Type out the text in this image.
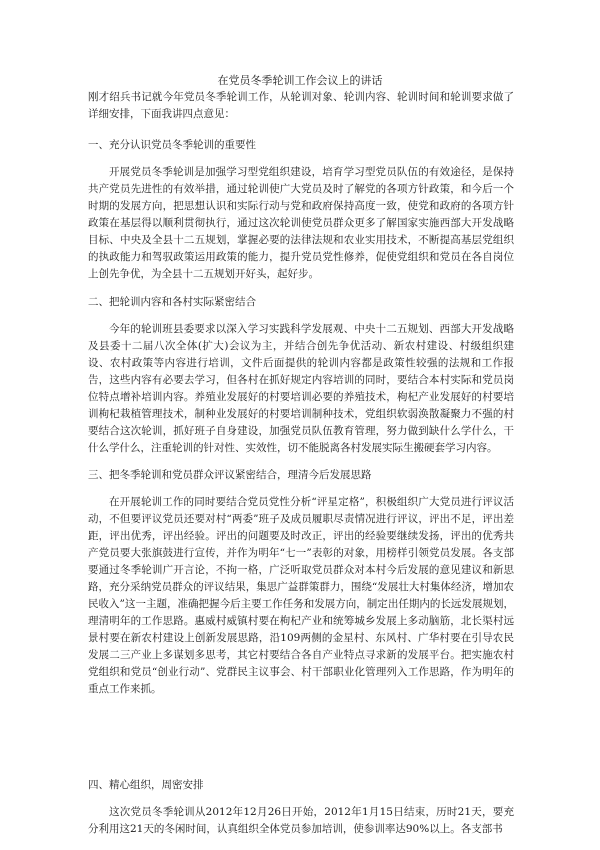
在党员冬季轮训工作会议上的讲话

刚才绍兵书记就今年党员冬季轮训工作，从轮训对象、轮训内容、轮训时间和轮训要求做了详细安排，下面我讲四点意见：

一、充分认识党员冬季轮训的重要性

开展党员冬季轮训是加强学习型党组织建设，培育学习型党员队伍的有效途径，是保持共产党员先进性的有效举措，通过轮训使广大党员及时了解党的各项方针政策，和今后一个时期的发展方向，把思想认识和实际行动与党和政府保持高度一致，使党和政府的各项方针政策在基层得以顺利贯彻执行，通过这次轮训使党员群众更多了解国家实施西部大开发战略目标、中央及全县十二五规划，掌握必要的法律法规和农业实用技术，不断提高基层党组织的执政能力和驾驭政策运用政策的能力，提升党员党性修养，促使党组织和党员在各自岗位上创先争优，为全县十二五规划开好头，起好步。

二、把轮训内容和各村实际紧密结合

今年的轮训班县委要求以深入学习实践科学发展观、中央十二五规划、西部大开发战略及县委十二届八次全体(扩大)会议为主，并结合创先争优活动、新农村建设、村级组织建设、农村政策等内容进行培训，文件后面提供的轮训内容都是政策性较强的法规和工作报告，这些内容有必要去学习，但各村在抓好规定内容培训的同时，要结合本村实际和党员岗位特点增补培训内容。养殖业发展好的村要培训必要的养殖技术，枸杞产业发展好的村要培训枸杞栽植管理技术，制种业发展好的村要培训制种技术，党组织软弱涣散凝聚力不强的村要结合这次轮训，抓好班子自身建设，加强党员队伍教育管理，努力做到缺什么学什么，干什么学什么，注重轮训的针对性、实效性，切不能脱离各村发展实际生搬硬套学习内容。

三、把冬季轮训和党员群众评议紧密结合，理清今后发展思路

在开展轮训工作的同时要结合党员党性分析“评星定格”，积极组织广大党员进行评议活动，不但要评议党员还要对村“两委”班子及成员履职尽责情况进行评议，评出不足，评出差距，评出优秀，评出经验。评出的问题要及时改正，评出的经验要继续发扬，评出的优秀共产党员要大张旗鼓进行宣传，并作为明年“七一”表彰的对象，用榜样引领党员发展。各支部要通过冬季轮训广开言论，不拘一格，广泛听取党员群众对本村今后发展的意见建议和新思路，充分采纳党员群众的评议结果，集思广益群策群力，围绕“发展壮大村集体经济，增加农民收入”这一主题，准确把握今后主要工作任务和发展方向，制定出任期内的长远发展规划，理清明年的工作思路。惠威村威镇村要在枸杞产业和统筹城乡发展上多动脑筋，北长渠村远景村要在新农村建设上创新发展思路，沿109两侧的金星村、东风村、广华村要在引导农民发展二三产业上多谋划多思考，其它村要结合各自产业特点寻求新的发展平台。把实施农村党组织和党员“创业行动”、党群民主议事会、村干部职业化管理列入工作思路，作为明年的重点工作来抓。

四、精心组织，周密安排

这次党员冬季轮训从2012年12月26日开始，2012年1月15日结束，历时21天，要充分利用这21天的冬闲时间，认真组织全体党员参加培训，使参训率达90%以上。各支部书
